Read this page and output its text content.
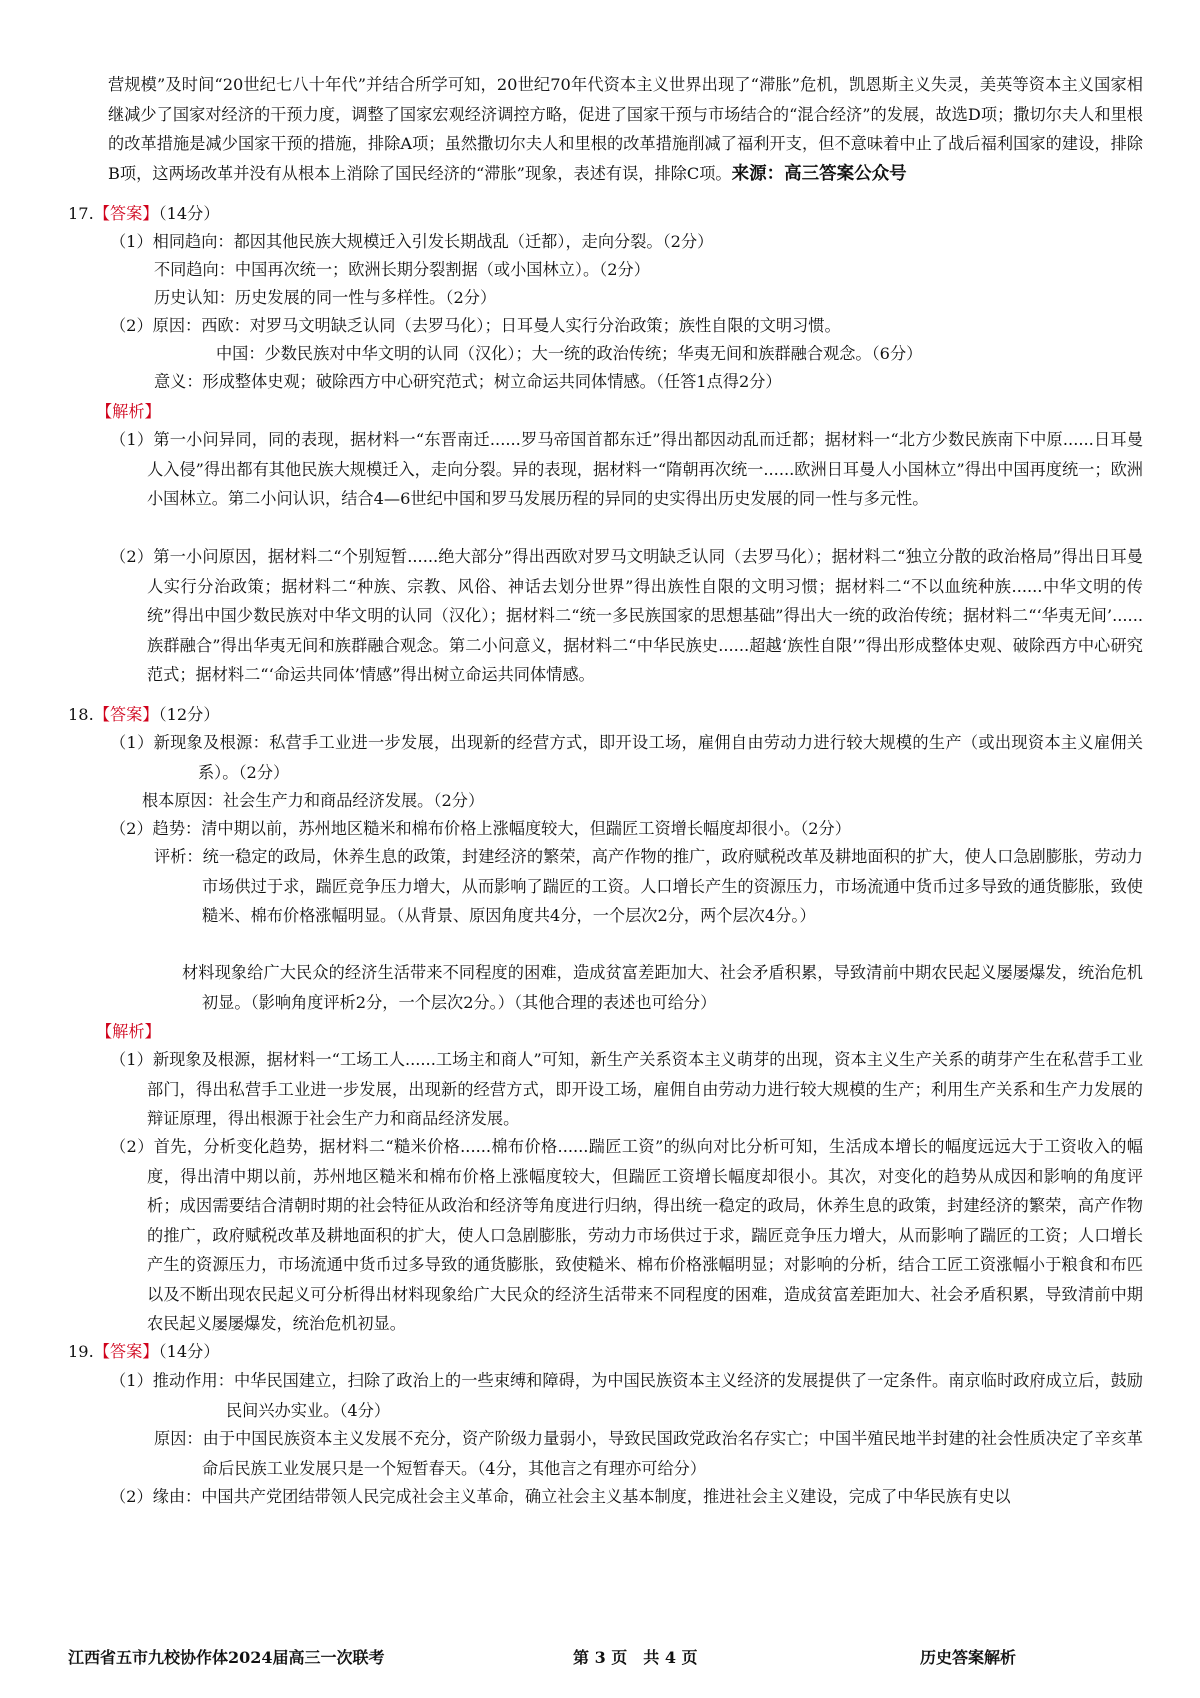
营规模”及时间“20世纪七八十年代”并结合所学可知，20世纪70年代资本主义世界出现了“滞胀”危机，凯恩斯主义失灵，美英等资本主义国家相继减少了国家对经济的干预力度，调整了国家宏观经济调控方略，促进了国家干预与市场结合的“混合经济”的发展，故选D项；撒切尔夫人和里根的改革措施是减少国家干预的措施，排除A项；虽然撒切尔夫人和里根的改革措施削减了福利开支，但不意味着中止了战后福利国家的建设，排除B项，这两场改革并没有从根本上消除了国民经济的“滞胀”现象，表述有误，排除C项。来源：高三答案公众号

17.【答案】（14分）

（1）相同趋向：都因其他民族大规模迁入引发长期战乱（迁都），走向分裂。（2分）

不同趋向：中国再次统一；欧洲长期分裂割据（或小国林立）。（2分）

历史认知：历史发展的同一性与多样性。（2分）

（2）原因：西欧：对罗马文明缺乏认同（去罗马化）；日耳曼人实行分治政策；族性自限的文明习惯。

中国：少数民族对中华文明的认同（汉化）；大一统的政治传统；华夷无间和族群融合观念。（6分）

意义：形成整体史观；破除西方中心研究范式；树立命运共同体情感。（任答1点得2分）

【解析】

（1）第一小问异同，同的表现，据材料一“东晋南迁......罗马帝国首都东迁”得出都因动乱而迁都；据材料一“北方少数民族南下中原......日耳曼人入侵”得出都有其他民族大规模迁入，走向分裂。异的表现，据材料一“隋朝再次统一......欧洲日耳曼人小国林立”得出中国再度统一；欧洲小国林立。第二小问认识，结合4—6世纪中国和罗马发展历程的异同的史实得出历史发展的同一性与多元性。

（2）第一小问原因，据材料二“个别短暂......绝大部分”得出西欧对罗马文明缺乏认同（去罗马化）；据材料二“独立分散的政治格局”得出日耳曼人实行分治政策；据材料二“种族、宗教、风俗、神话去划分世界”得出族性自限的文明习惯；据材料二“不以血统种族......中华文明的传统”得出中国少数民族对中华文明的认同（汉化）；据材料二“统一多民族国家的思想基础”得出大一统的政治传统；据材料二“‘华夷无间’......族群融合”得出华夷无间和族群融合观念。第二小问意义，据材料二“中华民族史......超越‘族性自限’”得出形成整体史观、破除西方中心研究范式；据材料二“‘命运共同体’情感”得出树立命运共同体情感。

18.【答案】（12分）

（1）新现象及根源：私营手工业进一步发展，出现新的经营方式，即开设工场，雇佣自由劳动力进行较大规模的生产（或出现资本主义雇佣关系）。（2分）

根本原因：社会生产力和商品经济发展。（2分）

（2）趋势：清中期以前，苏州地区糙米和棉布价格上涨幅度较大，但踹匠工资增长幅度却很小。（2分）

评析：统一稳定的政局，休养生息的政策，封建经济的繁荣，高产作物的推广，政府赋税改革及耕地面积的扩大，使人口急剧膨胀，劳动力市场供过于求，踹匠竞争压力增大，从而影响了踹匠的工资。人口增长产生的资源压力，市场流通中货币过多导致的通货膨胀，致使糙米、棉布价格涨幅明显。（从背景、原因角度共4分，一个层次2分，两个层次4分。）

材料现象给广大民众的经济生活带来不同程度的困难，造成贫富差距加大、社会矛盾积累，导致清前中期农民起义屡屡爆发，统治危机初显。（影响角度评析2分，一个层次2分。）（其他合理的表述也可给分）

【解析】

（1）新现象及根源，据材料一“工场工人......工场主和商人”可知，新生产关系资本主义萌芽的出现，资本主义生产关系的萌芽产生在私营手工业部门，得出私营手工业进一步发展，出现新的经营方式，即开设工场，雇佣自由劳动力进行较大规模的生产；利用生产关系和生产力发展的辩证原理，得出根源于社会生产力和商品经济发展。

（2）首先，分析变化趋势，据材料二“糙米价格......棉布价格......踹匠工资”的纵向对比分析可知，生活成本增长的幅度远远大于工资收入的幅度，得出清中期以前，苏州地区糙米和棉布价格上涨幅度较大，但踹匠工资增长幅度却很小。其次，对变化的趋势从成因和影响的角度评析；成因需要结合清朝时期的社会特征从政治和经济等角度进行归纳，得出统一稳定的政局，休养生息的政策，封建经济的繁荣，高产作物的推广，政府赋税改革及耕地面积的扩大，使人口急剧膨胀，劳动力市场供过于求，踹匠竞争压力增大，从而影响了踹匠的工资；人口增长产生的资源压力，市场流通中货币过多导致的通货膨胀，致使糙米、棉布价格涨幅明显；对影响的分析，结合工匠工资涨幅小于粮食和布匹以及不断出现农民起义可分析得出材料现象给广大民众的经济生活带来不同程度的困难，造成贫富差距加大、社会矛盾积累，导致清前中期农民起义屡屡爆发，统治危机初显。

19.【答案】（14分）

（1）推动作用：中华民国建立，扫除了政治上的一些束缚和障碍，为中国民族资本主义经济的发展提供了一定条件。南京临时政府成立后，鼓励民间兴办实业。（4分）

原因：由于中国民族资本主义发展不充分，资产阶级力量弱小，导致民国政党政治名存实亡；中国半殖民地半封建的社会性质决定了辛亥革命后民族工业发展只是一个短暂春天。（4分，其他言之有理亦可给分）

（2）缘由：中国共产党团结带领人民完成社会主义革命，确立社会主义基本制度，推进社会主义建设，完成了中华民族有史以

江西省五市九校协作体2024届高三一次联考	第 3 页　共 4 页	历史答案解析
